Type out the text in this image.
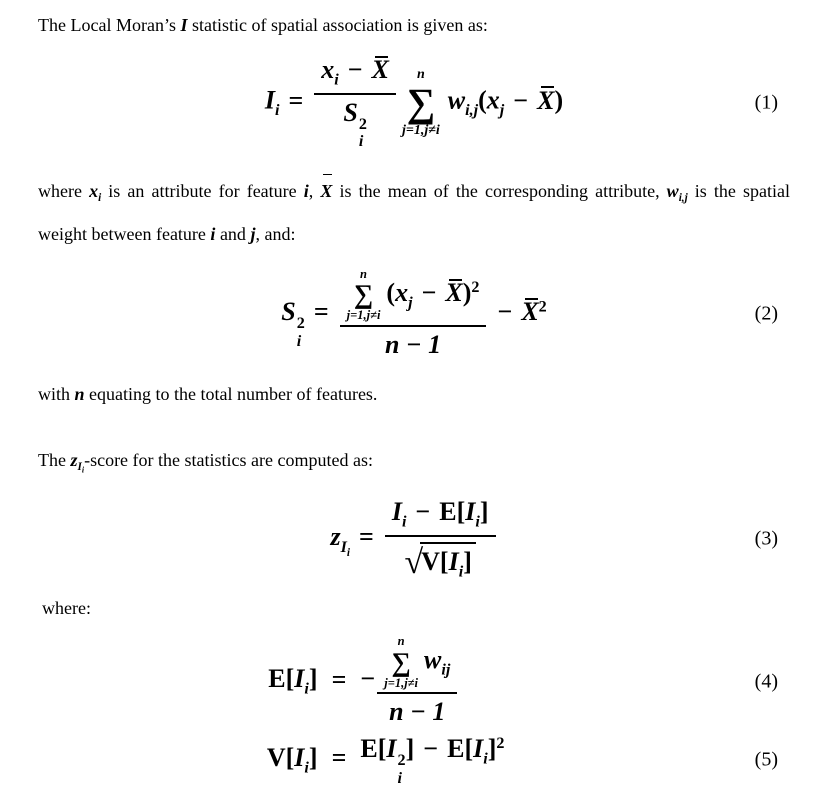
The Local Moran’s I statistic of spatial association is given as:

$I_i = x_i - X$
S 2
i	n
∑
j=1,j≠i
$w_{i,j}(x_j - X)$	(1)

where $x_i$ is an attribute for feature i, X is the mean of the corresponding attribute, $w_{i,j}$ is the spatial weight between feature i and j, and:

S 2
i
= n
∑
j=1,j≠i
$(x_j - X)^2$
$n - 1 - X^2$	(2)

with n equating to the total number of features.

The $z_{I_i}$-score for the statistics are computed as:

$z_{I_i}= \frac{I_i - E[I_i]}{√V[I_i]}$	(3)

where:

$E[I_i]$ = − n
∑
j=1,j≠i
$w_{ij}$
n − 1	(4)
$V[I_i] = E[I$ 2
i
] − $E[I_i]^2$
(5)
